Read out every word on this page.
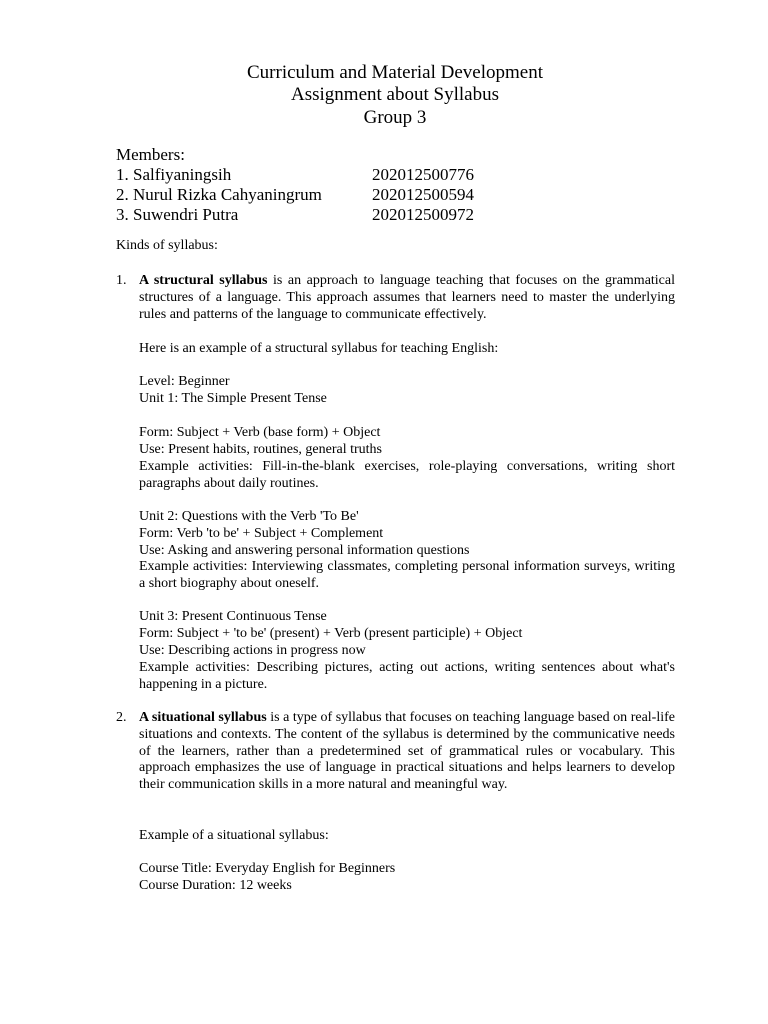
Curriculum and Material Development
Assignment about Syllabus
Group 3
Members:
1. Salfiyaningsih	202012500776
2. Nurul Rizka Cahyaningrum	202012500594
3. Suwendri Putra	202012500972
Kinds of syllabus:
1. A structural syllabus is an approach to language teaching that focuses on the grammatical structures of a language. This approach assumes that learners need to master the underlying rules and patterns of the language to communicate effectively.
Here is an example of a structural syllabus for teaching English:
Level: Beginner
Unit 1: The Simple Present Tense
Form: Subject + Verb (base form) + Object
Use: Present habits, routines, general truths
Example activities: Fill-in-the-blank exercises, role-playing conversations, writing short paragraphs about daily routines.
Unit 2: Questions with the Verb 'To Be'
Form: Verb 'to be' + Subject + Complement
Use: Asking and answering personal information questions
Example activities: Interviewing classmates, completing personal information surveys, writing a short biography about oneself.
Unit 3: Present Continuous Tense
Form: Subject + 'to be' (present) + Verb (present participle) + Object
Use: Describing actions in progress now
Example activities: Describing pictures, acting out actions, writing sentences about what's happening in a picture.
2. A situational syllabus is a type of syllabus that focuses on teaching language based on real-life situations and contexts. The content of the syllabus is determined by the communicative needs of the learners, rather than a predetermined set of grammatical rules or vocabulary. This approach emphasizes the use of language in practical situations and helps learners to develop their communication skills in a more natural and meaningful way.
Example of a situational syllabus:
Course Title: Everyday English for Beginners
Course Duration: 12 weeks
